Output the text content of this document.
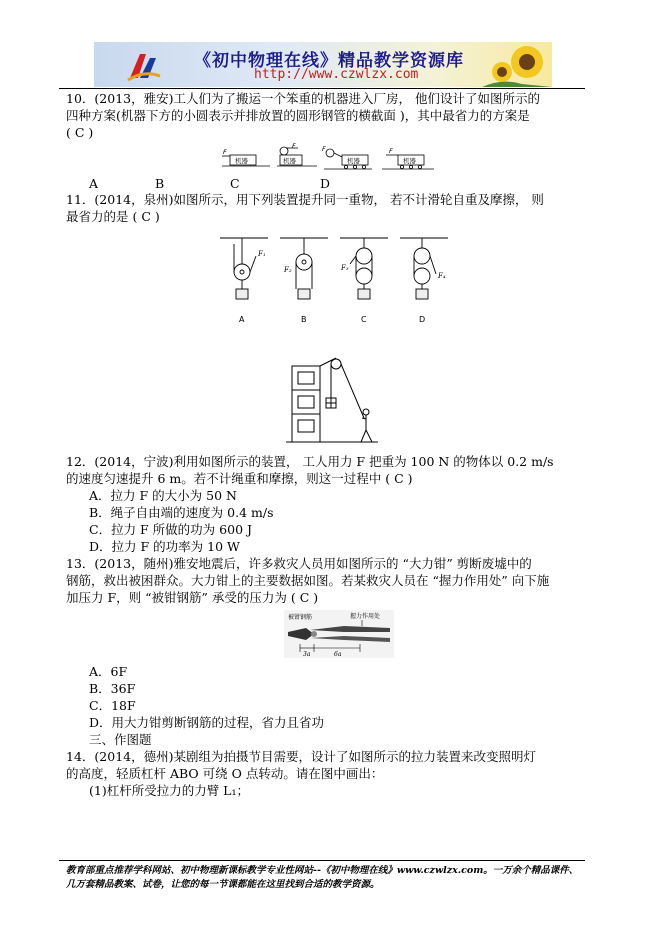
《初中物理在线》精品教学资源库
http://www.czwlzx.com
10．(2013，雅安)工人们为了搬运一个笨重的机器进入厂房， 他们设计了如图所示的
四种方案(机器下方的小圆表示并排放置的圆形钢管的横截面 )，其中最省力的方案是
( C )
机器	机器	机器	机器
F
F	F	F
A	B	C	D
11．(2014，泉州)如图所示，用下列装置提升同一重物， 若不计滑轮自重及摩擦， 则
最省力的是 ( C )
F₁
F₂	F₃
F₄
A	B	C	D
12．(2014，宁波)利用如图所示的装置， 工人用力 F 把重为 100 N 的物体以 0.2 m/s
的速度匀速提升 6 m。若不计绳重和摩擦，则这一过程中 ( C )
A．拉力 F 的大小为 50 N
B．绳子自由端的速度为 0.4 m/s
C．拉力 F 所做的功为 600 J
D．拉力 F 的功率为 10 W
13．(2013，随州)雅安地震后，许多救灾人员用如图所示的 “大力钳” 剪断废墟中的
钢筋，救出被困群众。大力钳上的主要数据如图。若某救灾人员在 “握力作用处” 向下施
加压力 F，则 “被钳钢筋” 承受的压力为 ( C )
被钳钢筋	握力作用处
3a	6a
A．6F
B．36F
C．18F
D．用大力钳剪断钢筋的过程，省力且省功
三、作图题
14．(2014，德州)某剧组为拍摄节目需要，设计了如图所示的拉力装置来改变照明灯
的高度，轻质杠杆 ABO 可绕 O 点转动。请在图中画出：
(1)杠杆所受拉力的力臂 L₁；
教育部重点推荐学科网站、初中物理新课标教学专业性网站--《初中物理在线》www.czwlzx.com。一万余个精品课件、
几万套精品教案、试卷，让您的每一节课都能在这里找到合适的教学资源。
